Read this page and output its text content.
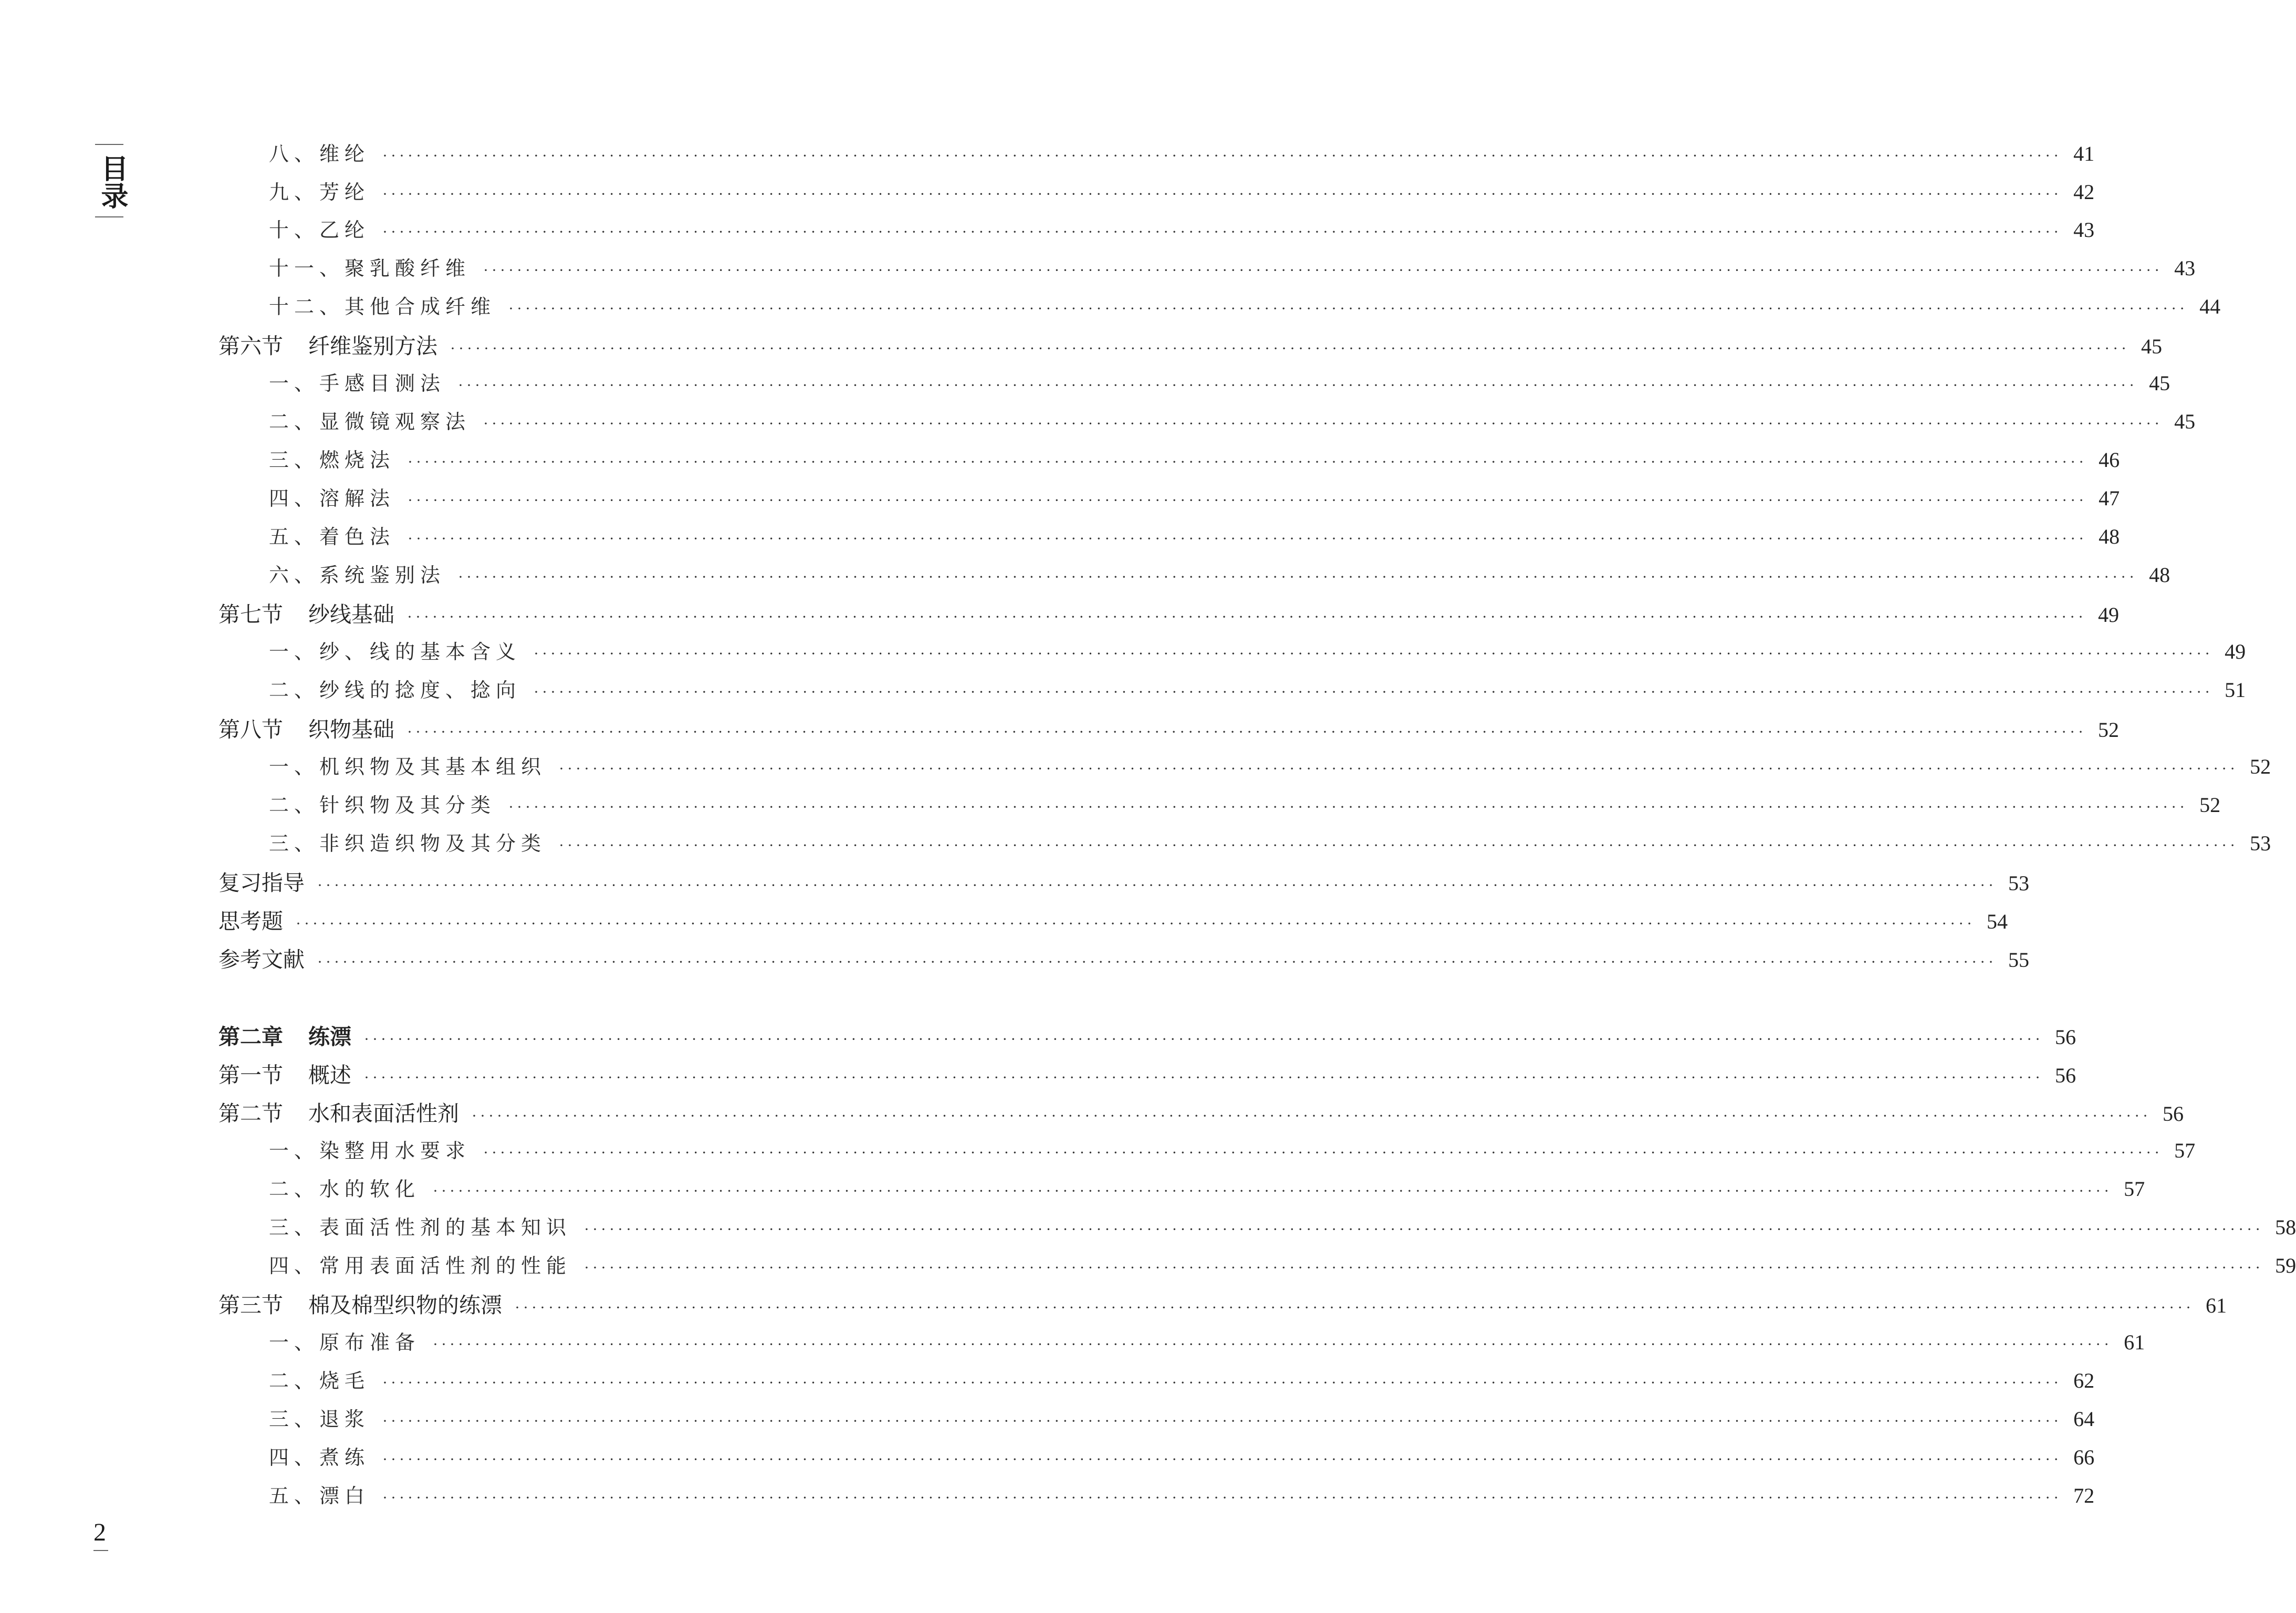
目录
八、维纶 ········································································································································································································ 41
九、芳纶 ········································································································································································································ 42
十、乙纶 ········································································································································································································ 43
十一、聚乳酸纤维 ········································································································································································································ 43
十二、其他合成纤维 ········································································································································································································ 44
第六节 纤维鉴别方法 ········································································································································································································ 45
一、手感目测法 ········································································································································································································ 45
二、显微镜观察法 ········································································································································································································ 45
三、燃烧法 ········································································································································································································ 46
四、溶解法 ········································································································································································································ 47
五、着色法 ········································································································································································································ 48
六、系统鉴别法 ········································································································································································································ 48
第七节 纱线基础 ········································································································································································································ 49
一、纱、线的基本含义 ········································································································································································································ 49
二、纱线的捻度、捻向 ········································································································································································································ 51
第八节 织物基础 ········································································································································································································ 52
一、机织物及其基本组织 ········································································································································································································ 52
二、针织物及其分类 ········································································································································································································ 52
三、非织造织物及其分类 ········································································································································································································ 53
复习指导 ········································································································································································································ 53
思考题 ········································································································································································································ 54
参考文献 ········································································································································································································ 55
第二章 练漂 ········································································································································································································ 56
第一节 概述 ········································································································································································································ 56
第二节 水和表面活性剂 ········································································································································································································ 56
一、染整用水要求 ········································································································································································································ 57
二、水的软化 ········································································································································································································ 57
三、表面活性剂的基本知识 ········································································································································································································ 58
四、常用表面活性剂的性能 ········································································································································································································ 59
第三节 棉及棉型织物的练漂 ········································································································································································································ 61
一、原布准备 ········································································································································································································ 61
二、烧毛 ········································································································································································································ 62
三、退浆 ········································································································································································································ 64
四、煮练 ········································································································································································································ 66
五、漂白 ········································································································································································································ 72
2
